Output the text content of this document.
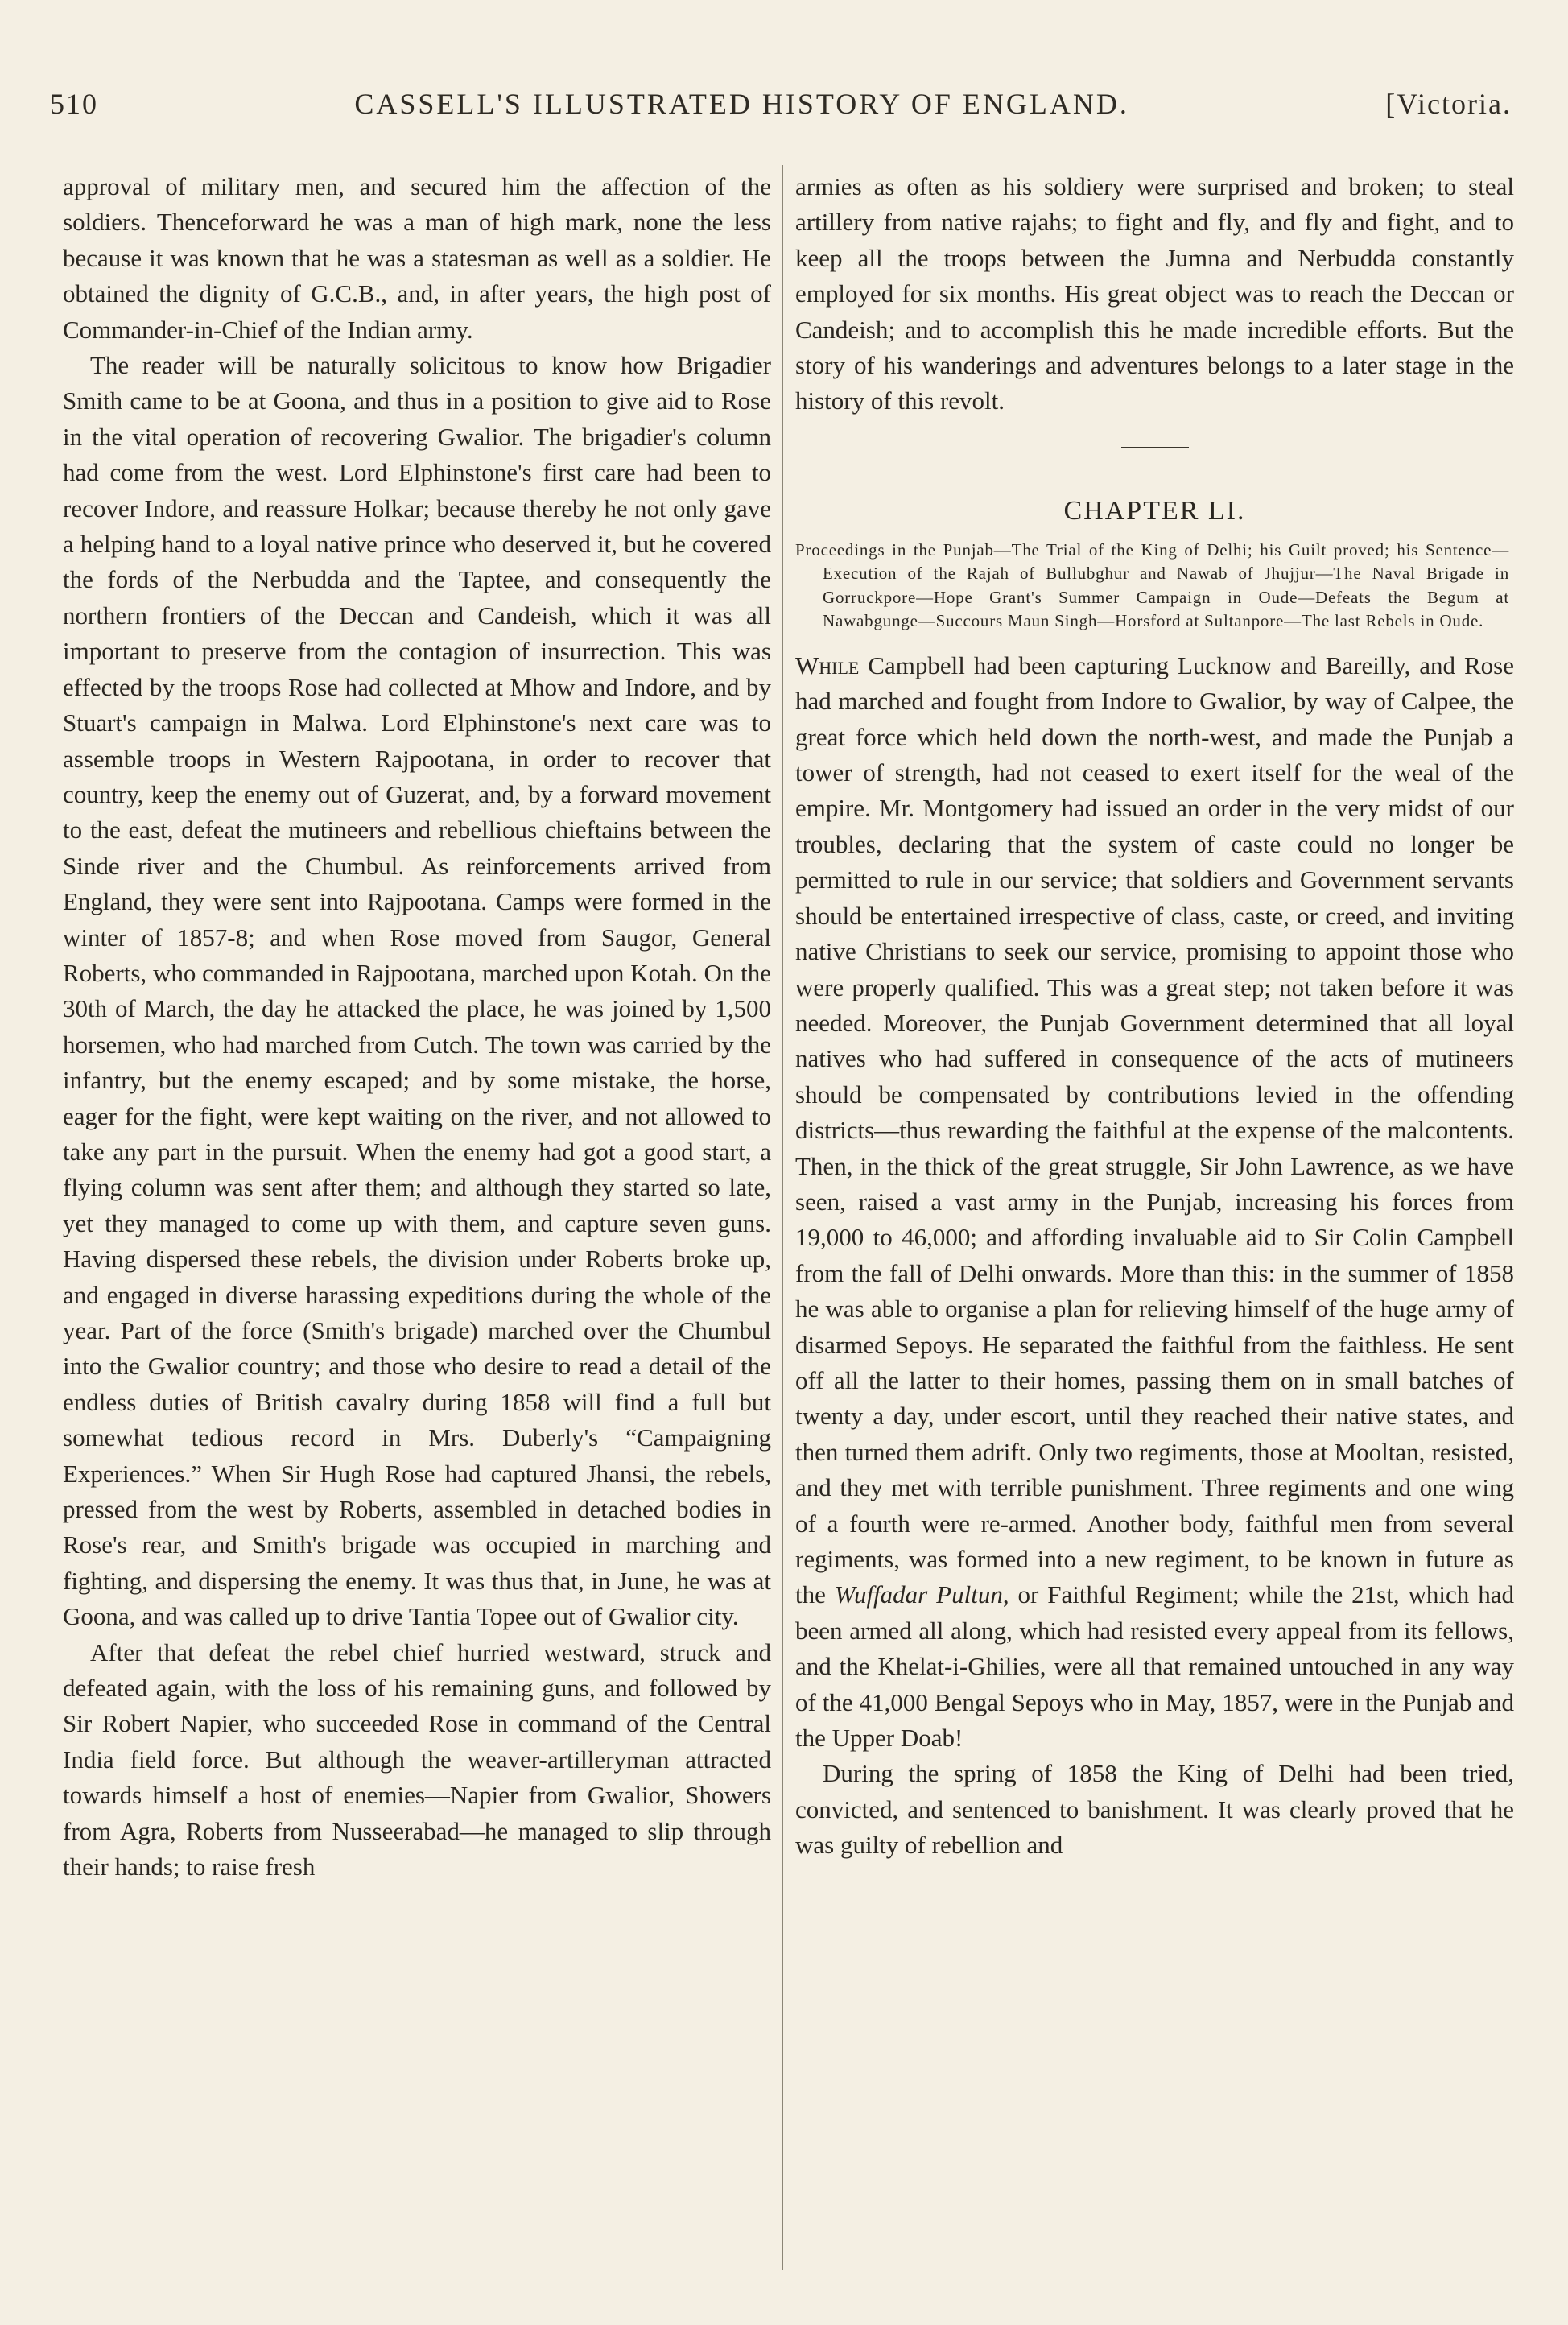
510	CASSELL'S ILLUSTRATED HISTORY OF ENGLAND.	[Victoria.

approval of military men, and secured him the affection of the soldiers. Thenceforward he was a man of high mark, none the less because it was known that he was a statesman as well as a soldier. He obtained the dignity of G.C.B., and, in after years, the high post of Commander-in-Chief of the Indian army.

The reader will be naturally solicitous to know how Brigadier Smith came to be at Goona, and thus in a position to give aid to Rose in the vital operation of recovering Gwalior. The brigadier's column had come from the west. Lord Elphinstone's first care had been to recover Indore, and reassure Holkar; because thereby he not only gave a helping hand to a loyal native prince who deserved it, but he covered the fords of the Nerbudda and the Taptee, and consequently the northern frontiers of the Deccan and Candeish, which it was all important to preserve from the contagion of insurrection. This was effected by the troops Rose had collected at Mhow and Indore, and by Stuart's campaign in Malwa. Lord Elphinstone's next care was to assemble troops in Western Rajpootana, in order to recover that country, keep the enemy out of Guzerat, and, by a forward movement to the east, defeat the mutineers and rebellious chieftains between the Sinde river and the Chumbul. As reinforcements arrived from England, they were sent into Rajpootana. Camps were formed in the winter of 1857-8; and when Rose moved from Saugor, General Roberts, who commanded in Rajpootana, marched upon Kotah. On the 30th of March, the day he attacked the place, he was joined by 1,500 horsemen, who had marched from Cutch. The town was carried by the infantry, but the enemy escaped; and by some mistake, the horse, eager for the fight, were kept waiting on the river, and not allowed to take any part in the pursuit. When the enemy had got a good start, a flying column was sent after them; and although they started so late, yet they managed to come up with them, and capture seven guns. Having dispersed these rebels, the division under Roberts broke up, and engaged in diverse harassing expeditions during the whole of the year. Part of the force (Smith's brigade) marched over the Chumbul into the Gwalior country; and those who desire to read a detail of the endless duties of British cavalry during 1858 will find a full but somewhat tedious record in Mrs. Duberly's “Campaigning Experiences.” When Sir Hugh Rose had captured Jhansi, the rebels, pressed from the west by Roberts, assembled in detached bodies in Rose's rear, and Smith's brigade was occupied in marching and fighting, and dispersing the enemy. It was thus that, in June, he was at Goona, and was called up to drive Tantia Topee out of Gwalior city.

After that defeat the rebel chief hurried westward, struck and defeated again, with the loss of his remaining guns, and followed by Sir Robert Napier, who succeeded Rose in command of the Central India field force. But although the weaver-artilleryman attracted towards himself a host of enemies—Napier from Gwalior, Showers from Agra, Roberts from Nusseerabad—he managed to slip through their hands; to raise fresh

armies as often as his soldiery were surprised and broken; to steal artillery from native rajahs; to fight and fly, and fly and fight, and to keep all the troops between the Jumna and Nerbudda constantly employed for six months. His great object was to reach the Deccan or Candeish; and to accomplish this he made incredible efforts. But the story of his wanderings and adventures belongs to a later stage in the history of this revolt.

CHAPTER LI.
Proceedings in the Punjab—The Trial of the King of Delhi; his Guilt proved; his Sentence—Execution of the Rajah of Bullubghur and Nawab of Jhujjur—The Naval Brigade in Gorruckpore—Hope Grant's Summer Campaign in Oude—Defeats the Begum at Nawabgunge—Succours Maun Singh—Horsford at Sultanpore—The last Rebels in Oude.

While Campbell had been capturing Lucknow and Bareilly, and Rose had marched and fought from Indore to Gwalior, by way of Calpee, the great force which held down the north-west, and made the Punjab a tower of strength, had not ceased to exert itself for the weal of the empire. Mr. Montgomery had issued an order in the very midst of our troubles, declaring that the system of caste could no longer be permitted to rule in our service; that soldiers and Government servants should be entertained irrespective of class, caste, or creed, and inviting native Christians to seek our service, promising to appoint those who were properly qualified. This was a great step; not taken before it was needed. Moreover, the Punjab Government determined that all loyal natives who had suffered in consequence of the acts of mutineers should be compensated by contributions levied in the offending districts—thus rewarding the faithful at the expense of the malcontents. Then, in the thick of the great struggle, Sir John Lawrence, as we have seen, raised a vast army in the Punjab, increasing his forces from 19,000 to 46,000; and affording invaluable aid to Sir Colin Campbell from the fall of Delhi onwards. More than this: in the summer of 1858 he was able to organise a plan for relieving himself of the huge army of disarmed Sepoys. He separated the faithful from the faithless. He sent off all the latter to their homes, passing them on in small batches of twenty a day, under escort, until they reached their native states, and then turned them adrift. Only two regiments, those at Mooltan, resisted, and they met with terrible punishment. Three regiments and one wing of a fourth were re-armed. Another body, faithful men from several regiments, was formed into a new regiment, to be known in future as the Wuffadar Pultun, or Faithful Regiment; while the 21st, which had been armed all along, which had resisted every appeal from its fellows, and the Khelat-i-Ghilies, were all that remained untouched in any way of the 41,000 Bengal Sepoys who in May, 1857, were in the Punjab and the Upper Doab!

During the spring of 1858 the King of Delhi had been tried, convicted, and sentenced to banishment. It was clearly proved that he was guilty of rebellion and
